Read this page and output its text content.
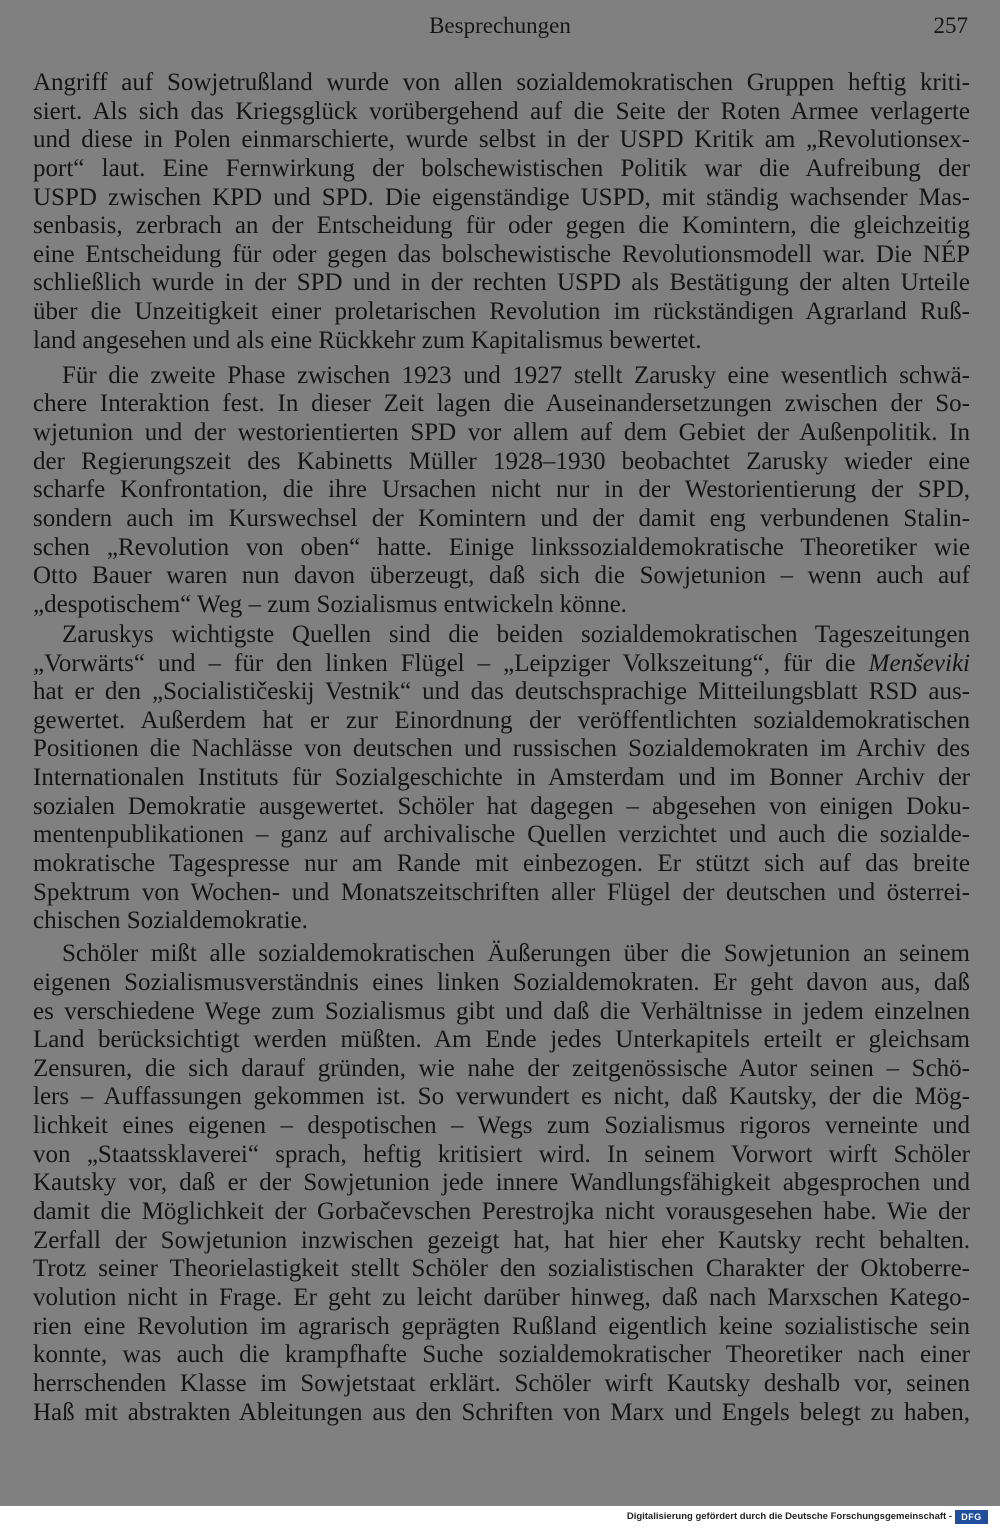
Besprechungen	257
Angriff auf Sowjetrußland wurde von allen sozialdemokratischen Gruppen heftig kriti-
siert. Als sich das Kriegsglück vorübergehend auf die Seite der Roten Armee verlagerte
und diese in Polen einmarschierte, wurde selbst in der USPD Kritik am „Revolutionsex-
port“ laut. Eine Fernwirkung der bolschewistischen Politik war die Aufreibung der
USPD zwischen KPD und SPD. Die eigenständige USPD, mit ständig wachsender Mas-
senbasis, zerbrach an der Entscheidung für oder gegen die Komintern, die gleichzeitig
eine Entscheidung für oder gegen das bolschewistische Revolutionsmodell war. Die NÉP
schließlich wurde in der SPD und in der rechten USPD als Bestätigung der alten Urteile
über die Unzeitigkeit einer proletarischen Revolution im rückständigen Agrarland Ruß-
land angesehen und als eine Rückkehr zum Kapitalismus bewertet.
Für die zweite Phase zwischen 1923 und 1927 stellt Zarusky eine wesentlich schwä-
chere Interaktion fest. In dieser Zeit lagen die Auseinandersetzungen zwischen der So-
wjetunion und der westorientierten SPD vor allem auf dem Gebiet der Außenpolitik. In
der Regierungszeit des Kabinetts Müller 1928–1930 beobachtet Zarusky wieder eine
scharfe Konfrontation, die ihre Ursachen nicht nur in der Westorientierung der SPD,
sondern auch im Kurswechsel der Komintern und der damit eng verbundenen Stalin-
schen „Revolution von oben“ hatte. Einige linkssozialdemokratische Theoretiker wie
Otto Bauer waren nun davon überzeugt, daß sich die Sowjetunion – wenn auch auf
„despotischem“ Weg – zum Sozialismus entwickeln könne.
Zaruskys wichtigste Quellen sind die beiden sozialdemokratischen Tageszeitungen
„Vorwärts“ und – für den linken Flügel – „Leipziger Volkszeitung“, für die Menševiki
hat er den „Socialističeskij Vestnik“ und das deutschsprachige Mitteilungsblatt RSD aus-
gewertet. Außerdem hat er zur Einordnung der veröffentlichten sozialdemokratischen
Positionen die Nachlässe von deutschen und russischen Sozialdemokraten im Archiv des
Internationalen Instituts für Sozialgeschichte in Amsterdam und im Bonner Archiv der
sozialen Demokratie ausgewertet. Schöler hat dagegen – abgesehen von einigen Doku-
mentenpublikationen – ganz auf archivalische Quellen verzichtet und auch die sozialde-
mokratische Tagespresse nur am Rande mit einbezogen. Er stützt sich auf das breite
Spektrum von Wochen- und Monatszeitschriften aller Flügel der deutschen und österrei-
chischen Sozialdemokratie.
Schöler mißt alle sozialdemokratischen Äußerungen über die Sowjetunion an seinem
eigenen Sozialismusverständnis eines linken Sozialdemokraten. Er geht davon aus, daß
es verschiedene Wege zum Sozialismus gibt und daß die Verhältnisse in jedem einzelnen
Land berücksichtigt werden müßten. Am Ende jedes Unterkapitels erteilt er gleichsam
Zensuren, die sich darauf gründen, wie nahe der zeitgenössische Autor seinen – Schö-
lers – Auffassungen gekommen ist. So verwundert es nicht, daß Kautsky, der die Mög-
lichkeit eines eigenen – despotischen – Wegs zum Sozialismus rigoros verneinte und
von „Staatssklaverei“ sprach, heftig kritisiert wird. In seinem Vorwort wirft Schöler
Kautsky vor, daß er der Sowjetunion jede innere Wandlungsfähigkeit abgesprochen und
damit die Möglichkeit der Gorbačevschen Perestrojka nicht vorausgesehen habe. Wie der
Zerfall der Sowjetunion inzwischen gezeigt hat, hat hier eher Kautsky recht behalten.
Trotz seiner Theorielastigkeit stellt Schöler den sozialistischen Charakter der Oktoberre-
volution nicht in Frage. Er geht zu leicht darüber hinweg, daß nach Marxschen Katego-
rien eine Revolution im agrarisch geprägten Rußland eigentlich keine sozialistische sein
konnte, was auch die krampfhafte Suche sozialdemokratischer Theoretiker nach einer
herrschenden Klasse im Sowjetstaat erklärt. Schöler wirft Kautsky deshalb vor, seinen
Haß mit abstrakten Ableitungen aus den Schriften von Marx und Engels belegt zu haben,
Digitalisierung gefördert durch die Deutsche Forschungsgemeinschaft -	DFG
